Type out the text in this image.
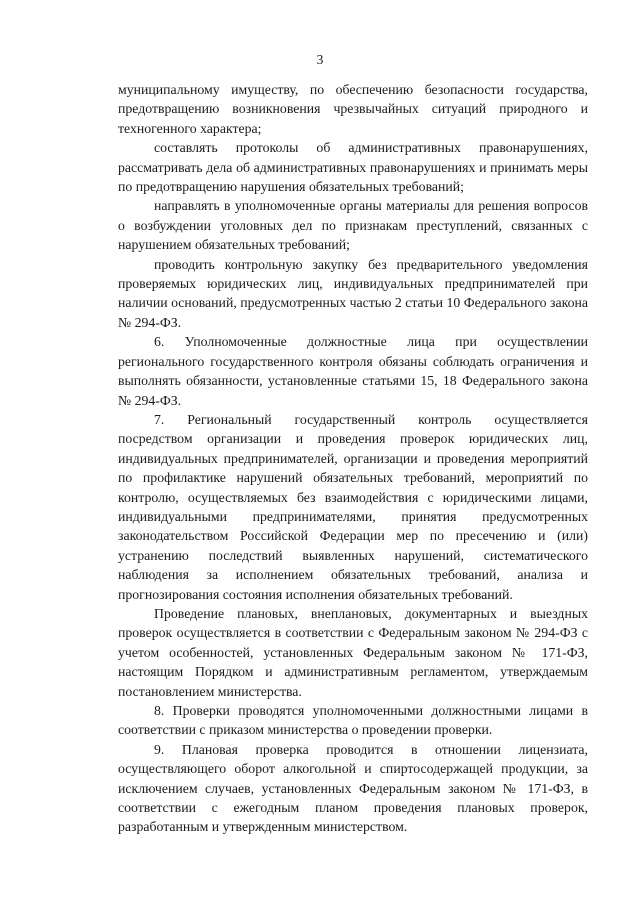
3

муниципальному имуществу, по обеспечению безопасности государства, предотвращению возникновения чрезвычайных ситуаций природного и техногенного характера;

составлять протоколы об административных правонарушениях, рассматривать дела об административных правонарушениях и принимать меры по предотвращению нарушения обязательных требований;

направлять в уполномоченные органы материалы для решения вопросов о возбуждении уголовных дел по признакам преступлений, связанных с нарушением обязательных требований;

проводить контрольную закупку без предварительного уведомления проверяемых юридических лиц, индивидуальных предпринимателей при наличии оснований, предусмотренных частью 2 статьи 10 Федерального закона № 294-ФЗ.

6. Уполномоченные должностные лица при осуществлении регионального государственного контроля обязаны соблюдать ограничения и выполнять обязанности, установленные статьями 15, 18 Федерального закона № 294-ФЗ.

7. Региональный государственный контроль осуществляется посредством организации и проведения проверок юридических лиц, индивидуальных предпринимателей, организации и проведения мероприятий по профилактике нарушений обязательных требований, мероприятий по контролю, осуществляемых без взаимодействия с юридическими лицами, индивидуальными предпринимателями, принятия предусмотренных законодательством Российской Федерации мер по пресечению и (или) устранению последствий выявленных нарушений, систематического наблюдения за исполнением обязательных требований, анализа и прогнозирования состояния исполнения обязательных требований.

Проведение плановых, внеплановых, документарных и выездных проверок осуществляется в соответствии с Федеральным законом № 294-ФЗ с учетом особенностей, установленных Федеральным законом № 171-ФЗ, настоящим Порядком и административным регламентом, утверждаемым постановлением министерства.

8. Проверки проводятся уполномоченными должностными лицами в соответствии с приказом министерства о проведении проверки.

9. Плановая проверка проводится в отношении лицензиата, осуществляющего оборот алкогольной и спиртосодержащей продукции, за исключением случаев, установленных Федеральным законом № 171-ФЗ, в соответствии с ежегодным планом проведения плановых проверок, разработанным и утвержденным министерством.
